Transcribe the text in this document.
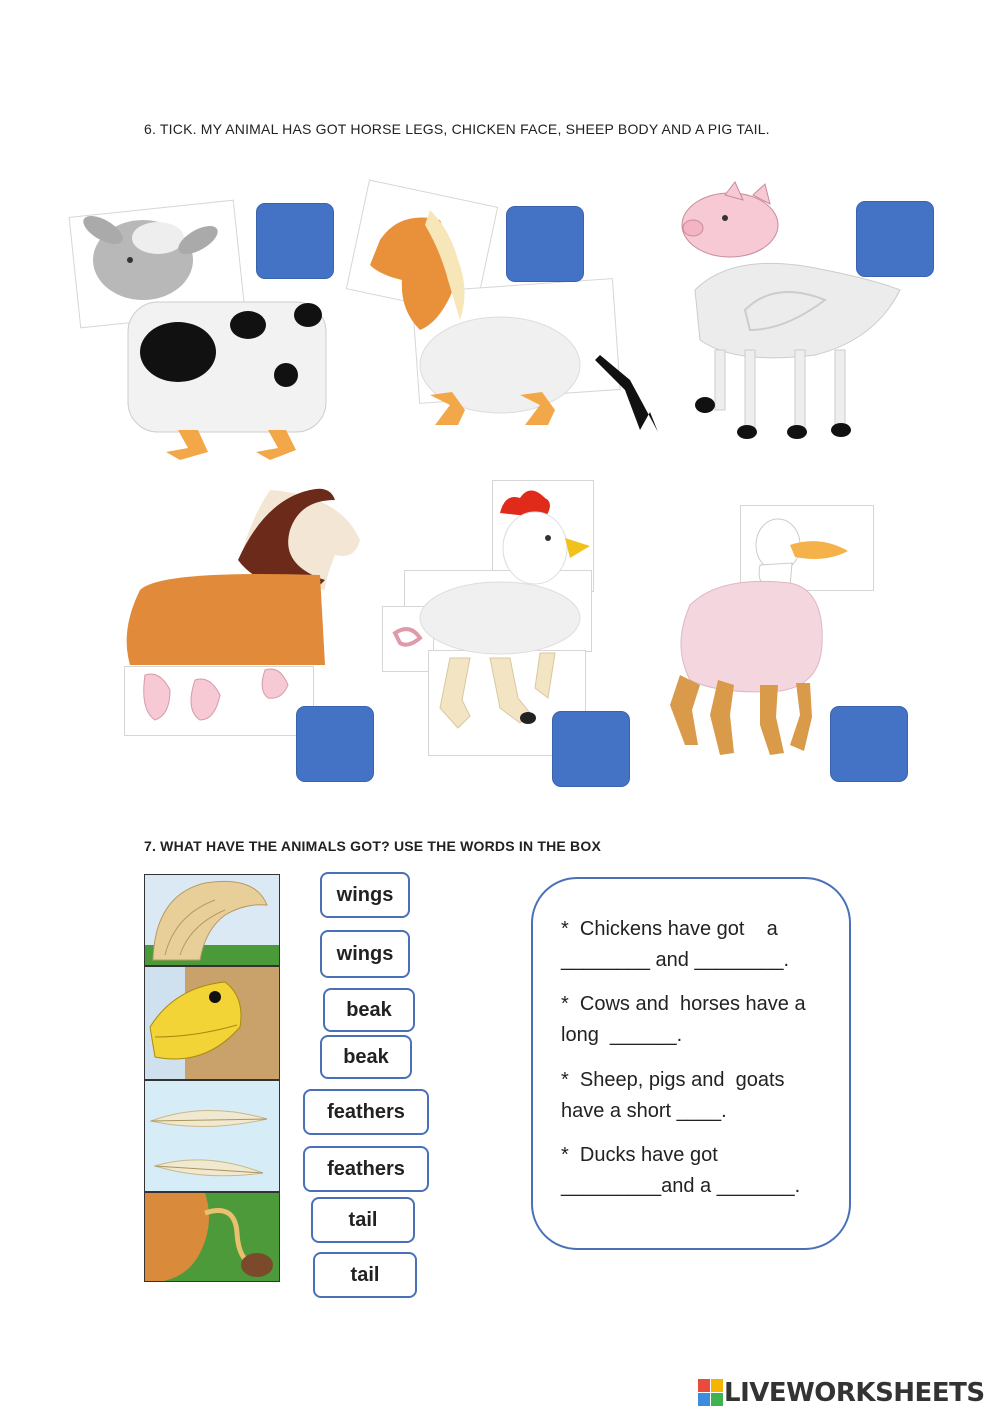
6. TICK. MY ANIMAL HAS GOT HORSE LEGS, CHICKEN FACE, SHEEP BODY AND A PIG TAIL.
7. WHAT HAVE THE ANIMALS GOT? USE THE WORDS IN THE BOX
wings
wings
beak
beak
feathers
feathers
tail
tail
*  Chickens have got    a
________ and ________.
*  Cows and  horses have a
long  ______.
*  Sheep, pigs and  goats
have a short ____.
*  Ducks have got
_________and a _______.
LIVEWORKSHEETS
